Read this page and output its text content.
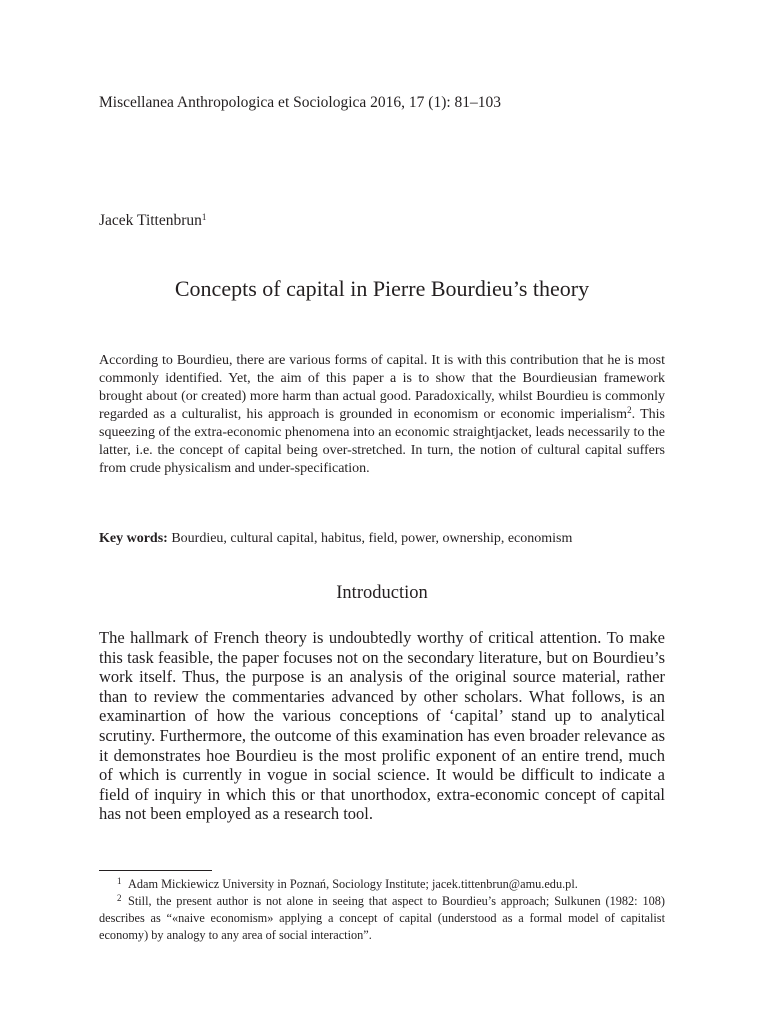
Miscellanea Anthropologica et Sociologica 2016, 17 (1): 81–103
Jacek Tittenbrun$^1$
Concepts of capital in Pierre Bourdieu’s theory
According to Bourdieu, there are various forms of capital. It is with this contribution that he is most commonly identified. Yet, the aim of this paper a is to show that the Bourdieusian framework brought about (or created) more harm than actual good. Paradoxically, whilst Bourdieu is commonly regarded as a culturalist, his approach is grounded in economism or economic imperialism$^2$. This squeezing of the extra-economic phenomena into an economic straightjacket, leads necessarily to the latter, i.e. the concept of capital being over-stretched. In turn, the notion of cultural capital suffers from crude physicalism and under-specification.
Key words: Bourdieu, cultural capital, habitus, field, power, ownership, economism
Introduction
The hallmark of French theory is undoubtedly worthy of critical attention. To make this task feasible, the paper focuses not on the secondary literature, but on Bourdieu’s work itself. Thus, the purpose is an analysis of the original source material, rather than to review the commentaries advanced by other scholars. What follows, is an examinartion of how the various conceptions of ‘capital’ stand up to analytical scrutiny. Furthermore, the outcome of this examination has even broader relevance as it demonstrates hoe Bourdieu is the most prolific exponent of an entire trend, much of which is currently in vogue in social science. It would be difficult to indicate a field of inquiry in which this or that unorthodox, extra-economic concept of capital has not been employed as a research tool.
1 Adam Mickiewicz University in Poznań, Sociology Institute; jacek.tittenbrun@amu.edu.pl.
2 Still, the present author is not alone in seeing that aspect to Bourdieu’s approach; Sulkunen (1982: 108) describes as “«naive economism» applying a concept of capital (understood as a formal model of capitalist economy) by analogy to any area of social interaction”.
